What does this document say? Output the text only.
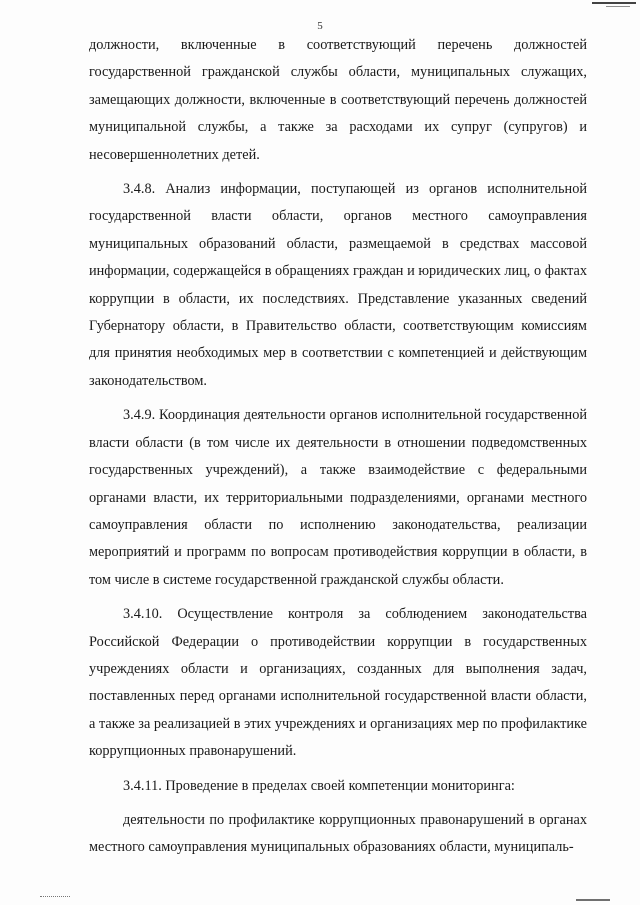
5

должности, включенные в соответствующий перечень должностей государственной гражданской службы области, муниципальных служащих, замещающих должности, включенные в соответствующий перечень должностей муниципальной службы, а также за расходами их супруг (супругов) и несовершеннолетних детей.

3.4.8. Анализ информации, поступающей из органов исполнительной государственной власти области, органов местного самоуправления муниципальных образований области, размещаемой в средствах массовой информации, содержащейся в обращениях граждан и юридических лиц, о фактах коррупции в области, их последствиях. Представление указанных сведений Губернатору области, в Правительство области, соответствующим комиссиям для принятия необходимых мер в соответствии с компетенцией и действующим законодательством.

3.4.9. Координация деятельности органов исполнительной государственной власти области (в том числе их деятельности в отношении подведомственных государственных учреждений), а также взаимодействие с федеральными органами власти, их территориальными подразделениями, органами местного самоуправления области по исполнению законодательства, реализации мероприятий и программ по вопросам противодействия коррупции в области, в том числе в системе государственной гражданской службы области.

3.4.10. Осуществление контроля за соблюдением законодательства Российской Федерации о противодействии коррупции в государственных учреждениях области и организациях, созданных для выполнения задач, поставленных перед органами исполнительной государственной власти области, а также за реализацией в этих учреждениях и организациях мер по профилактике коррупционных правонарушений.

3.4.11. Проведение в пределах своей компетенции мониторинга:

деятельности по профилактике коррупционных правонарушений в органах местного самоуправления муниципальных образованиях области, муниципаль-
